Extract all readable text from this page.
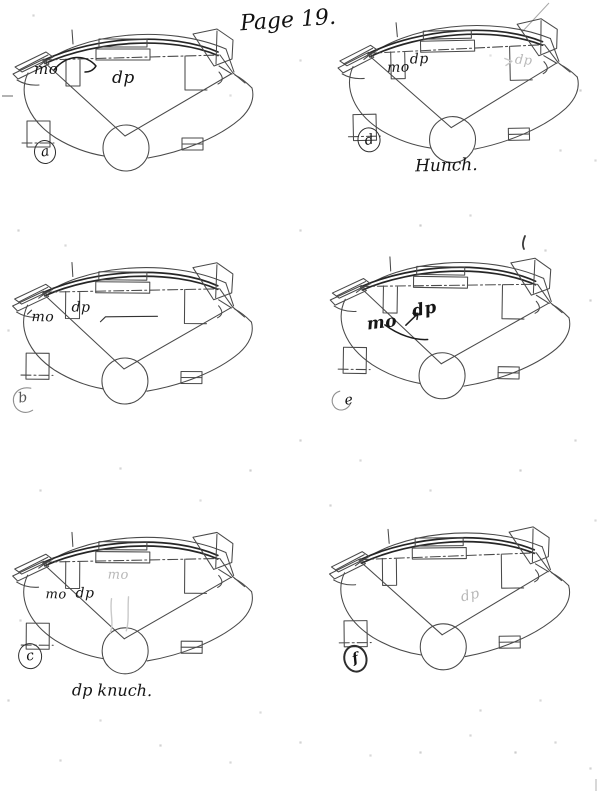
Page 19.
mo	dp
a
mo
dp	dp
d
Hunch.
mo
dp
b
mo
dp
e
mo dp
mo
c
dp knuch.
dp
f
